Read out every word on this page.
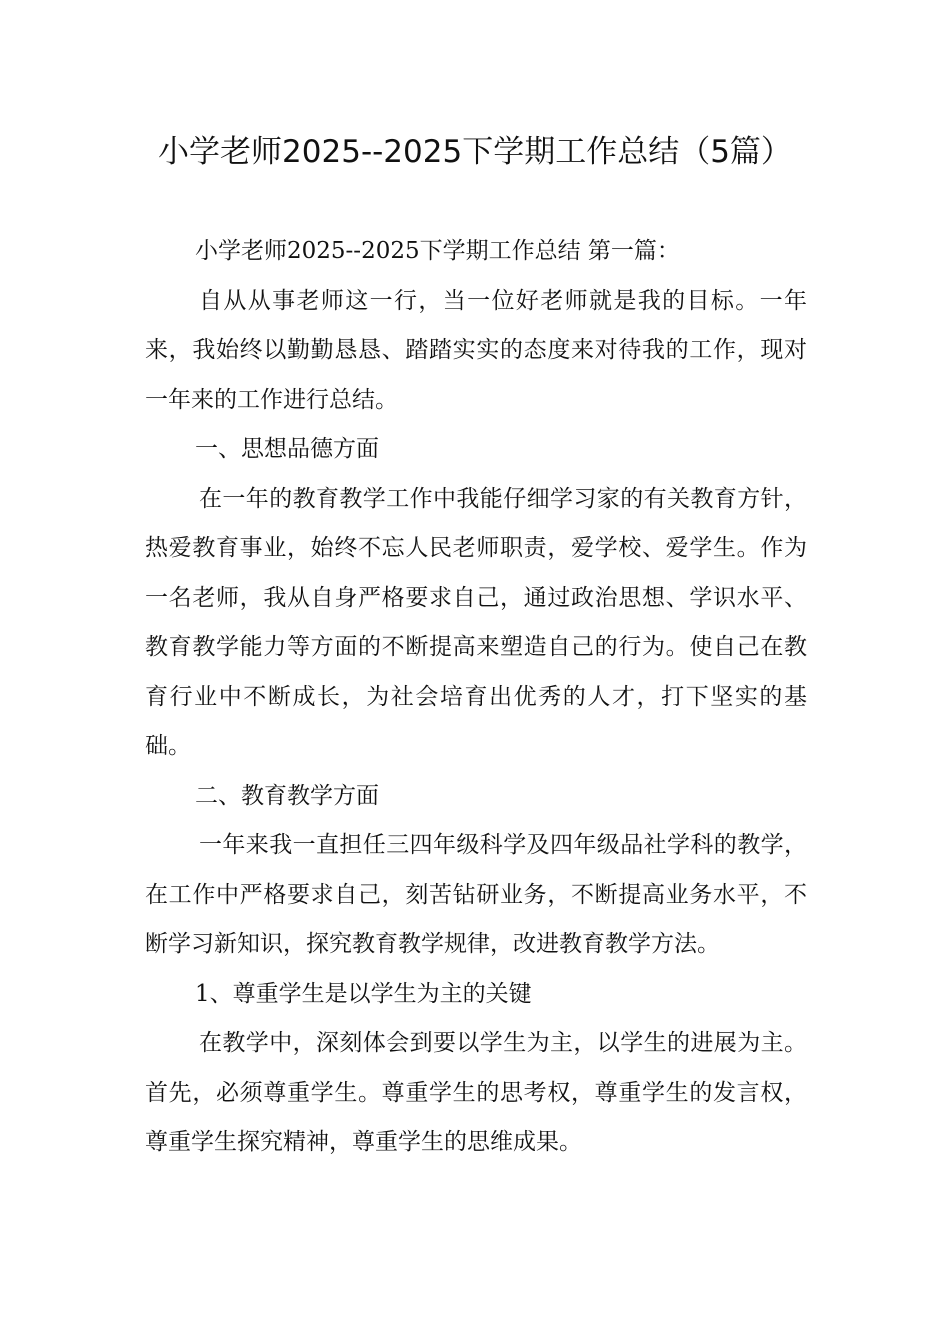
小学老师2025--2025下学期工作总结（5篇）

小学老师2025--2025下学期工作总结 第一篇：

自从从事老师这一行，当一位好老师就是我的目标。一年来，我始终以勤勤恳恳、踏踏实实的态度来对待我的工作，现对一年来的工作进行总结。

一、思想品德方面

在一年的教育教学工作中我能仔细学习家的有关教育方针，热爱教育事业，始终不忘人民老师职责，爱学校、爱学生。作为一名老师，我从自身严格要求自己，通过政治思想、学识水平、教育教学能力等方面的不断提高来塑造自己的行为。使自己在教育行业中不断成长，为社会培育出优秀的人才，打下坚实的基础。

二、教育教学方面

一年来我一直担任三四年级科学及四年级品社学科的教学，在工作中严格要求自己，刻苦钻研业务，不断提高业务水平，不断学习新知识，探究教育教学规律，改进教育教学方法。

1、尊重学生是以学生为主的关键

在教学中，深刻体会到要以学生为主，以学生的进展为主。首先，必须尊重学生。尊重学生的思考权，尊重学生的发言权，尊重学生探究精神，尊重学生的思维成果。
